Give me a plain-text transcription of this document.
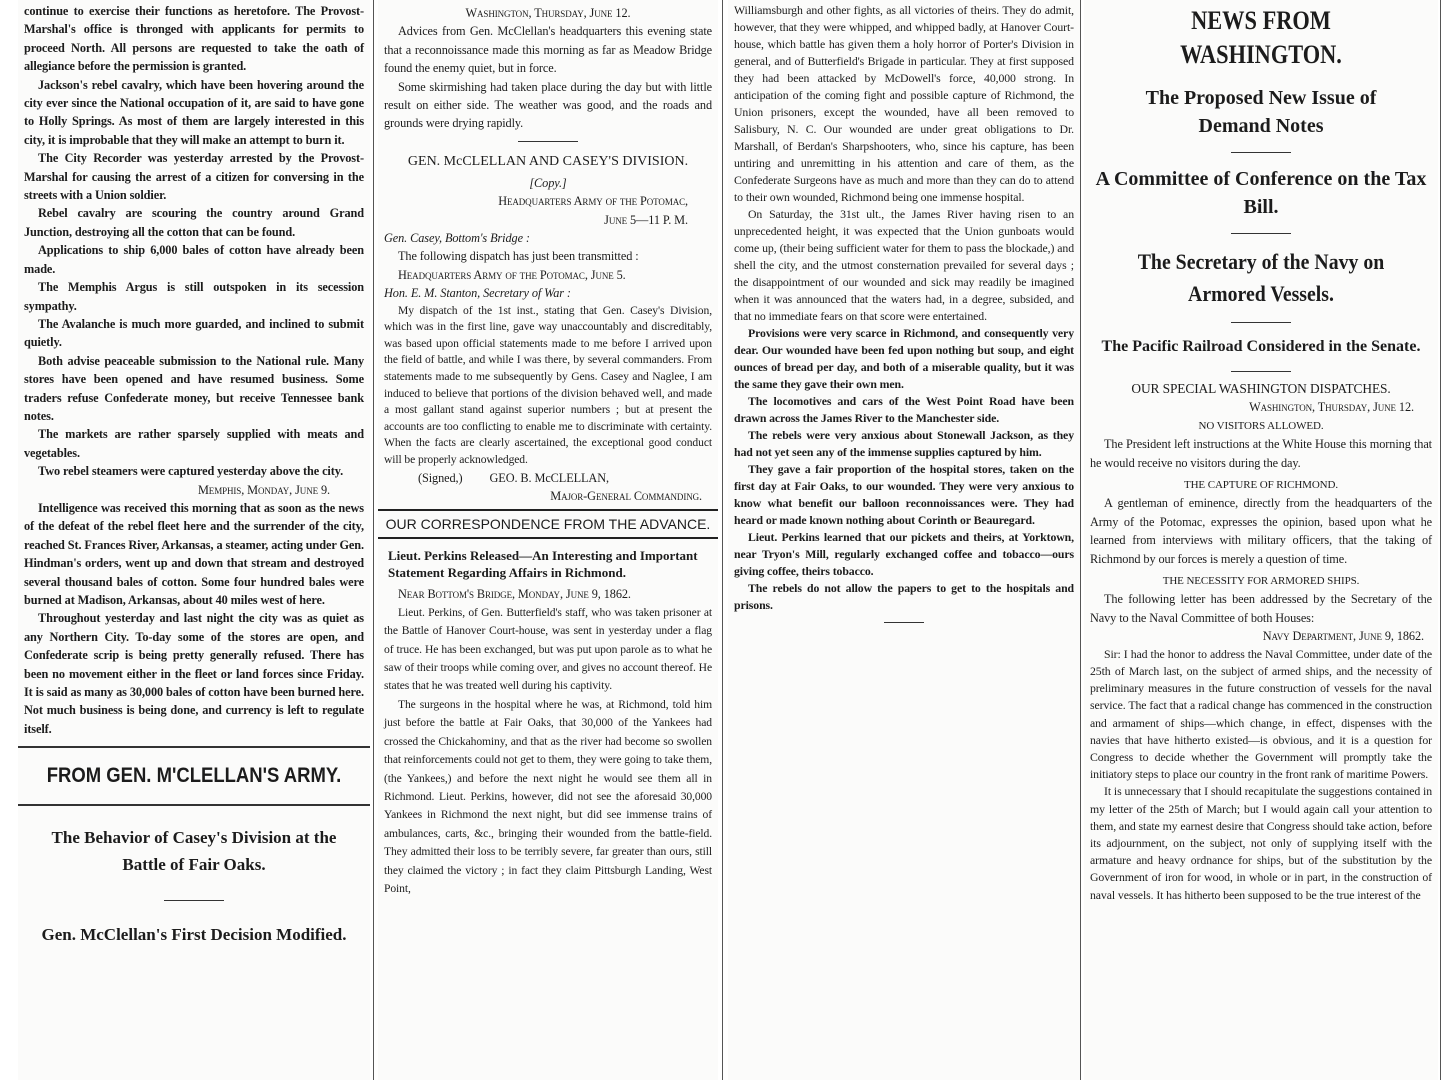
continue to exercise their functions as heretofore. The Provost-Marshal's office is thronged with applicants for permits to proceed North. All persons are requested to take the oath of allegiance before the permission is granted.

Jackson's rebel cavalry, which have been hovering around the city ever since the National occupation of it, are said to have gone to Holly Springs. As most of them are largely interested in this city, it is improbable that they will make an attempt to burn it.

The City Recorder was yesterday arrested by the Provost-Marshal for causing the arrest of a citizen for conversing in the streets with a Union soldier.

Rebel cavalry are scouring the country around Grand Junction, destroying all the cotton that can be found.

Applications to ship 6,000 bales of cotton have already been made.

The Memphis Argus is still outspoken in its secession sympathy.

The Avalanche is much more guarded, and inclined to submit quietly.

Both advise peaceable submission to the National rule. Many stores have been opened and have resumed business. Some traders refuse Confederate money, but receive Tennessee bank notes.

The markets are rather sparsely supplied with meats and vegetables.

Two rebel steamers were captured yesterday above the city.

Memphis, Monday, June 9.

Intelligence was received this morning that as soon as the news of the defeat of the rebel fleet here and the surrender of the city, reached St. Frances River, Arkansas, a steamer, acting under Gen. Hindman's orders, went up and down that stream and destroyed several thousand bales of cotton. Some four hundred bales were burned at Madison, Arkansas, about 40 miles west of here.

Throughout yesterday and last night the city was as quiet as any Northern City. To-day some of the stores are open, and Confederate scrip is being pretty generally refused. There has been no movement either in the fleet or land forces since Friday. It is said as many as 30,000 bales of cotton have been burned here. Not much business is being done, and currency is left to regulate itself.

FROM GEN. M'CLELLAN'S ARMY.
The Behavior of Casey's Division at the Battle of Fair Oaks.
Gen. McClellan's First Decision Modified.

Washington, Thursday, June 12.

Advices from Gen. McClellan's headquarters this evening state that a reconnoissance made this morning as far as Meadow Bridge found the enemy quiet, but in force.

Some skirmishing had taken place during the day but with little result on either side. The weather was good, and the roads and grounds were drying rapidly.

GEN. McCLELLAN AND CASEY'S DIVISION.

[Copy.]

Headquarters Army of the Potomac,

June 5—11 P. M.

Gen. Casey, Bottom's Bridge :

The following dispatch has just been transmitted :

Headquarters Army of the Potomac, June 5.

Hon. E. M. Stanton, Secretary of War :

My dispatch of the 1st inst., stating that Gen. Casey's Division, which was in the first line, gave way unaccountably and discreditably, was based upon official statements made to me before I arrived upon the field of battle, and while I was there, by several commanders. From statements made to me subsequently by Gens. Casey and Naglee, I am induced to believe that portions of the division behaved well, and made a most gallant stand against superior numbers ; but at present the accounts are too conflicting to enable me to discriminate with certainty. When the facts are clearly ascertained, the exceptional good conduct will be properly acknowledged.

(Signed,) GEO. B. McCLELLAN,

Major-General Commanding.

OUR CORRESPONDENCE FROM THE ADVANCE.
Lieut. Perkins Released—An Interesting and Important Statement Regarding Affairs in Richmond.

Near Bottom's Bridge, Monday, June 9, 1862.

Lieut. Perkins, of Gen. Butterfield's staff, who was taken prisoner at the Battle of Hanover Court-house, was sent in yesterday under a flag of truce. He has been exchanged, but was put upon parole as to what he saw of their troops while coming over, and gives no account thereof. He states that he was treated well during his captivity.

The surgeons in the hospital where he was, at Richmond, told him just before the battle at Fair Oaks, that 30,000 of the Yankees had crossed the Chickahominy, and that as the river had become so swollen that reinforcements could not get to them, they were going to take them, (the Yankees,) and before the next night he would see them all in Richmond. Lieut. Perkins, however, did not see the aforesaid 30,000 Yankees in Richmond the next night, but did see immense trains of ambulances, carts, &c., bringing their wounded from the battle-field. They admitted their loss to be terribly severe, far greater than ours, still they claimed the victory ; in fact they claim Pittsburgh Landing, West Point,

Williamsburgh and other fights, as all victories of theirs. They do admit, however, that they were whipped, and whipped badly, at Hanover Court-house, which battle has given them a holy horror of Porter's Division in general, and of Butterfield's Brigade in particular. They at first supposed they had been attacked by McDowell's force, 40,000 strong. In anticipation of the coming fight and possible capture of Richmond, the Union prisoners, except the wounded, have all been removed to Salisbury, N. C. Our wounded are under great obligations to Dr. Marshall, of Berdan's Sharpshooters, who, since his capture, has been untiring and unremitting in his attention and care of them, as the Confederate Surgeons have as much and more than they can do to attend to their own wounded, Richmond being one immense hospital.

On Saturday, the 31st ult., the James River having risen to an unprecedented height, it was expected that the Union gunboats would come up, (their being sufficient water for them to pass the blockade,) and shell the city, and the utmost consternation prevailed for several days ; the disappointment of our wounded and sick may readily be imagined when it was announced that the waters had, in a degree, subsided, and that no immediate fears on that score were entertained.

Provisions were very scarce in Richmond, and consequently very dear. Our wounded have been fed upon nothing but soup, and eight ounces of bread per day, and both of a miserable quality, but it was the same they gave their own men.

The locomotives and cars of the West Point Road have been drawn across the James River to the Manchester side.

The rebels were very anxious about Stonewall Jackson, as they had not yet seen any of the immense supplies captured by him.

They gave a fair proportion of the hospital stores, taken on the first day at Fair Oaks, to our wounded. They were very anxious to know what benefit our balloon reconnoissances were. They had heard or made known nothing about Corinth or Beauregard.

Lieut. Perkins learned that our pickets and theirs, at Yorktown, near Tryon's Mill, regularly exchanged coffee and tobacco—ours giving coffee, theirs tobacco.

The rebels do not allow the papers to get to the hospitals and prisons.

NEWS FROM WASHINGTON.
The Proposed New Issue of Demand Notes
A Committee of Conference on the Tax Bill.
The Secretary of the Navy on Armored Vessels.
The Pacific Railroad Considered in the Senate.

OUR SPECIAL WASHINGTON DISPATCHES.

Washington, Thursday, June 12.

NO VISITORS ALLOWED.

The President left instructions at the White House this morning that he would receive no visitors during the day.

THE CAPTURE OF RICHMOND.

A gentleman of eminence, directly from the headquarters of the Army of the Potomac, expresses the opinion, based upon what he learned from interviews with military officers, that the taking of Richmond by our forces is merely a question of time.

THE NECESSITY FOR ARMORED SHIPS.

The following letter has been addressed by the Secretary of the Navy to the Naval Committee of both Houses:

Navy Department, June 9, 1862.

Sir: I had the honor to address the Naval Committee, under date of the 25th of March last, on the subject of armed ships, and the necessity of preliminary measures in the future construction of vessels for the naval service. The fact that a radical change has commenced in the construction and armament of ships—which change, in effect, dispenses with the navies that have hitherto existed—is obvious, and it is a question for Congress to decide whether the Government will promptly take the initiatory steps to place our country in the front rank of maritime Powers.

It is unnecessary that I should recapitulate the suggestions contained in my letter of the 25th of March; but I would again call your attention to them, and state my earnest desire that Congress should take action, before its adjournment, on the subject, not only of supplying itself with the armature and heavy ordnance for ships, but of the substitution by the Government of iron for wood, in whole or in part, in the construction of naval vessels. It has hitherto been supposed to be the true interest of the
